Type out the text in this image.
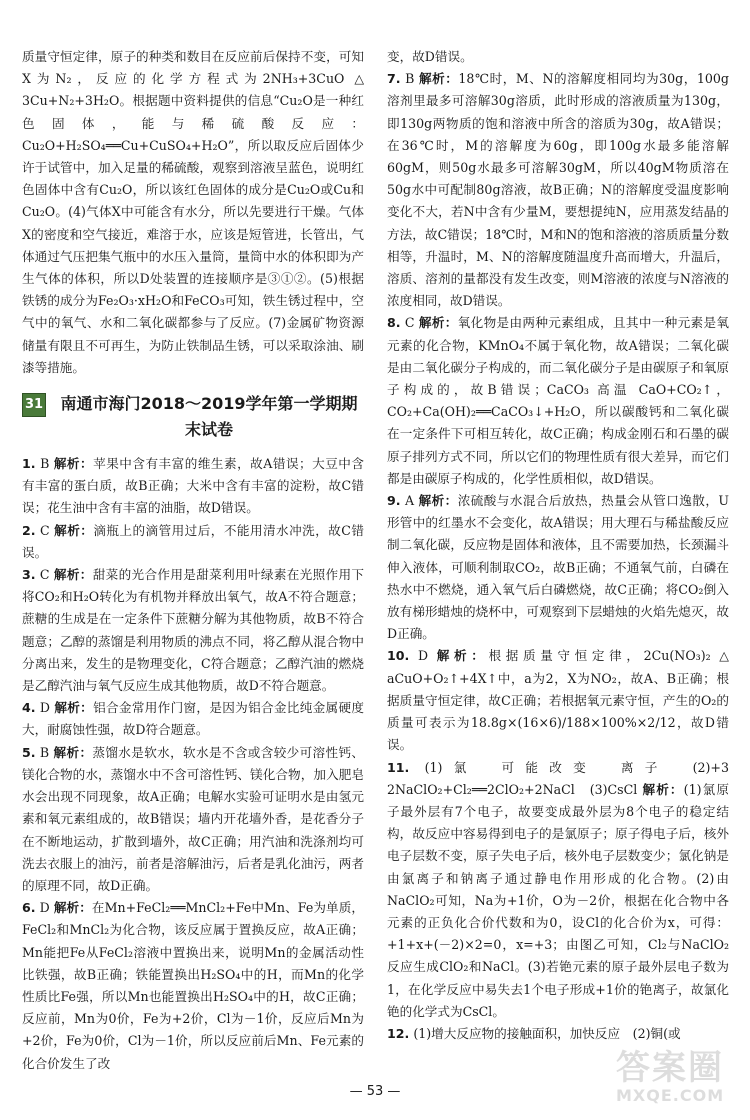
质量守恒定律，原子的种类和数目在反应前后保持不变，可知X为N₂，反应的化学方程式为2NH₃+3CuO △ 3Cu+N₂+3H₂O。根据题中资料提供的信息“Cu₂O是一种红色固体，能与稀硫酸反应：Cu₂O+H₂SO₄══Cu+CuSO₄+H₂O”，所以取反应后固体少许于试管中，加入足量的稀硫酸，观察到溶液呈蓝色，说明红色固体中含有Cu₂O，所以该红色固体的成分是Cu₂O或Cu和Cu₂O。(4)气体X中可能含有水分，所以先要进行干燥。气体X的密度和空气接近，难溶于水，应该是短管进，长管出，气体通过气压把集气瓶中的水压入量筒，量筒中水的体积即为产生气体的体积，所以D处装置的连接顺序是③①②。(5)根据铁锈的成分为Fe₂O₃·xH₂O和FeCO₃可知，铁生锈过程中，空气中的氧气、水和二氧化碳都参与了反应。(7)金属矿物资源储量有限且不可再生，为防止铁制品生锈，可以采取涂油、刷漆等措施。

31	南通市海门2018～2019学年第一学期期末试卷

1. B 解析：苹果中含有丰富的维生素，故A错误；大豆中含有丰富的蛋白质，故B正确；大米中含有丰富的淀粉，故C错误；花生油中含有丰富的油脂，故D错误。

2. C 解析：滴瓶上的滴管用过后，不能用清水冲洗，故C错误。

3. C 解析：甜菜的光合作用是甜菜利用叶绿素在光照作用下将CO₂和H₂O转化为有机物并释放出氧气，故A不符合题意；蔗糖的生成是在一定条件下蔗糖分解为其他物质，故B不符合题意；乙醇的蒸馏是利用物质的沸点不同，将乙醇从混合物中分离出来，发生的是物理变化，C符合题意；乙醇汽油的燃烧是乙醇汽油与氧气反应生成其他物质，故D不符合题意。

4. D 解析：铝合金常用作门窗，是因为铝合金比纯金属硬度大，耐腐蚀性强，故D符合题意。

5. B 解析：蒸馏水是软水，软水是不含或含较少可溶性钙、镁化合物的水，蒸馏水中不含可溶性钙、镁化合物，加入肥皂水会出现不同现象，故A正确；电解水实验可证明水是由氢元素和氧元素组成的，故B错误；墙内开花墙外香，是花香分子在不断地运动，扩散到墙外，故C正确；用汽油和洗涤剂均可洗去衣服上的油污，前者是溶解油污，后者是乳化油污，两者的原理不同，故D正确。

6. D 解析：在Mn+FeCl₂══MnCl₂+Fe中Mn、Fe为单质，FeCl₂和MnCl₂为化合物，该反应属于置换反应，故A正确；Mn能把Fe从FeCl₂溶液中置换出来，说明Mn的金属活动性比铁强，故B正确；铁能置换出H₂SO₄中的H，而Mn的化学性质比Fe强，所以Mn也能置换出H₂SO₄中的H，故C正确；反应前，Mn为0价，Fe为+2价，Cl为－1价，反应后Mn为+2价，Fe为0价，Cl为－1价，所以反应前后Mn、Fe元素的化合价发生了改

变，故D错误。

7. B 解析：18℃时，M、N的溶解度相同均为30g，100g溶剂里最多可溶解30g溶质，此时形成的溶液质量为130g，即130g两物质的饱和溶液中所含的溶质为30g，故A错误；在36℃时，M的溶解度为60g，即100g水最多能溶解60gM，则50g水最多可溶解30gM，所以40gM物质溶在50g水中可配制80g溶液，故B正确；N的溶解度受温度影响变化不大，若N中含有少量M，要想提纯N，应用蒸发结晶的方法，故C错误；18℃时，M和N的饱和溶液的溶质质量分数相等，升温时，M、N的溶解度随温度升高而增大，升温后，溶质、溶剂的量都没有发生改变，则M溶液的浓度与N溶液的浓度相同，故D错误。

8. C 解析：氧化物是由两种元素组成，且其中一种元素是氧元素的化合物，KMnO₄不属于氧化物，故A错误；二氧化碳是由二氧化碳分子构成的，而二氧化碳分子是由碳原子和氧原子构成的，故B错误；CaCO₃ 高温 CaO+CO₂↑，CO₂+Ca(OH)₂══CaCO₃↓+H₂O，所以碳酸钙和二氧化碳在一定条件下可相互转化，故C正确；构成金刚石和石墨的碳原子排列方式不同，所以它们的物理性质有很大差异，而它们都是由碳原子构成的，化学性质相似，故D错误。

9. A 解析：浓硫酸与水混合后放热，热量会从管口逸散，U形管中的红墨水不会变化，故A错误；用大理石与稀盐酸反应制二氧化碳，反应物是固体和液体，且不需要加热，长颈漏斗伸入液体，可顺利制取CO₂，故B正确；不通氧气前，白磷在热水中不燃烧，通入氧气后白磷燃烧，故C正确；将CO₂倒入放有梯形蜡烛的烧杯中，可观察到下层蜡烛的火焰先熄灭，故D正确。

10. D 解析：根据质量守恒定律，2Cu(NO₃)₂ △ aCuO+O₂↑+4X↑中，a为2，X为NO₂，故A、B正确；根据质量守恒定律，故C正确；若根据氧元素守恒，产生的O₂的质量可表示为18.8g×(16×6)/188×100%×2/12，故D错误。

11. (1)氯　可能改变　离子　(2)+3　2NaClO₂+Cl₂══2ClO₂+2NaCl　(3)CsCl 解析：(1)氯原子最外层有7个电子，故要变成最外层为8个电子的稳定结构，故反应中容易得到电子的是氯原子；原子得电子后，核外电子层数不变，原子失电子后，核外电子层数变少；氯化钠是由氯离子和钠离子通过静电作用形成的化合物。(2)由NaClO₂可知，Na为+1价，O为－2价，根据在化合物中各元素的正负化合价代数和为0，设Cl的化合价为x，可得：+1+x+(－2)×2=0，x=+3；由图乙可知，Cl₂与NaClO₂反应生成ClO₂和NaCl。(3)若铯元素的原子最外层电子数为1，在化学反应中易失去1个电子形成+1价的铯离子，故氯化铯的化学式为CsCl。

12. (1)增大反应物的接触面积，加快反应　(2)铜(或

— 53 —
答案圈
MXQE.COM
